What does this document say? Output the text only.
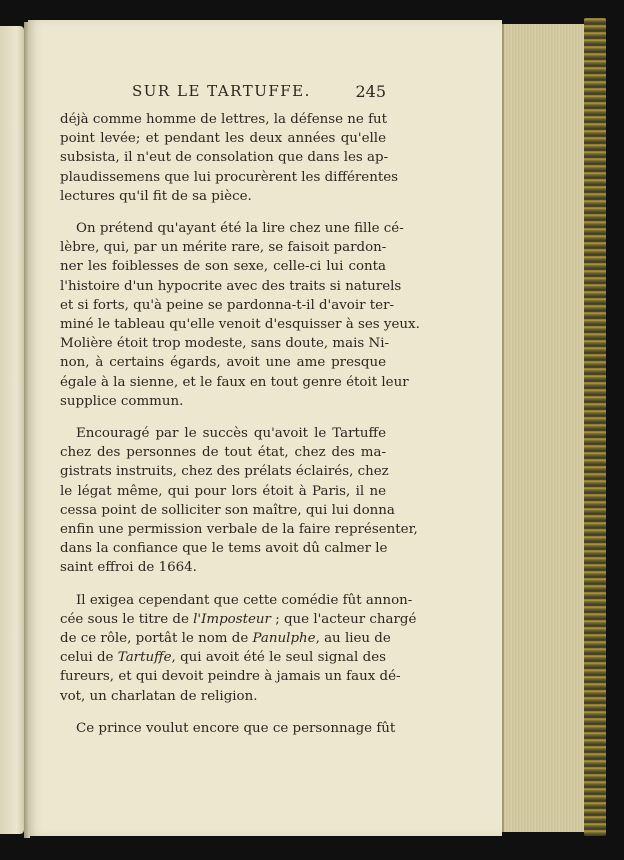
SUR LE TARTUFFE.	245

déjà comme homme de lettres, la défense ne fut
point levée; et pendant les deux années qu'elle
subsista, il n'eut de consolation que dans les ap-
plaudissemens que lui procurèrent les différentes
lectures qu'il fit de sa pièce.

On prétend qu'ayant été la lire chez une fille cé-
lèbre, qui, par un mérite rare, se faisoit pardon-
ner les foiblesses de son sexe, celle-ci lui conta
l'histoire d'un hypocrite avec des traits si naturels
et si forts, qu'à peine se pardonna-t-il d'avoir ter-
miné le tableau qu'elle venoit d'esquisser à ses yeux.
Molière étoit trop modeste, sans doute, mais Ni-
non, à certains égards, avoit une ame presque
égale à la sienne, et le faux en tout genre étoit leur
supplice commun.

Encouragé par le succès qu'avoit le Tartuffe
chez des personnes de tout état, chez des ma-
gistrats instruits, chez des prélats éclairés, chez
le légat même, qui pour lors étoit à Paris, il ne
cessa point de solliciter son maître, qui lui donna
enfin une permission verbale de la faire représenter,
dans la confiance que le tems avoit dû calmer le
saint effroi de 1664.

Il exigea cependant que cette comédie fût annon-
cée sous le titre de l'Imposteur ; que l'acteur chargé
de ce rôle, portât le nom de Panulphe, au lieu de
celui de Tartuffe, qui avoit été le seul signal des
fureurs, et qui devoit peindre à jamais un faux dé-
vot, un charlatan de religion.

Ce prince voulut encore que ce personnage fût
